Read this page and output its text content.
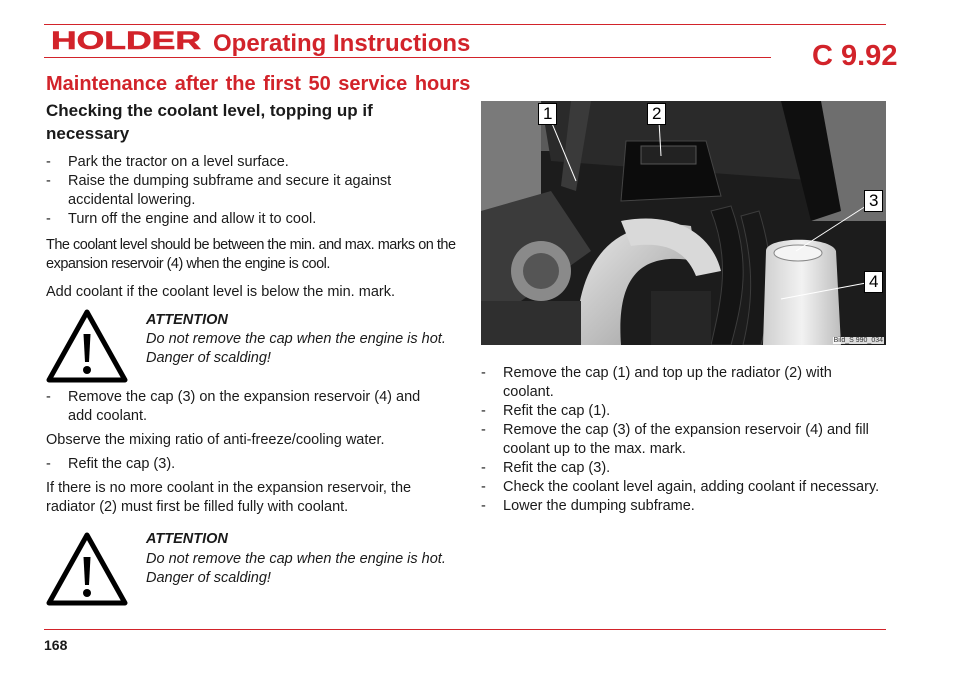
HOLDER Operating Instructions	C 9.92
Maintenance after the first 50 service hours
Checking the coolant level, topping up if necessary
- Park the tractor on a level surface.
- Raise the dumping subframe and secure it against accidental lowering.
- Turn off the engine and allow it to cool.
The coolant level should be between the min. and max. marks on the expansion reservoir (4) when the engine is cool.
Add coolant if the coolant level is below the min. mark.
ATTENTION
Do not remove the cap when the engine is hot. Danger of scalding!
- Remove the cap (3) on the expansion reservoir (4) and add coolant.
Observe the mixing ratio of anti-freeze/cooling water.
- Refit the cap (3).
If there is no more coolant in the expansion reservoir, the radiator (2) must first be filled fully with coolant.
ATTENTION
Do not remove the cap when the engine is hot. Danger of scalding!
1	2
3
4
Bild_S 990_034
- Remove the cap (1) and top up the radiator (2) with coolant.
- Refit the cap (1).
- Remove the cap (3) of the expansion reservoir (4) and fill coolant up to the max. mark.
- Refit the cap (3).
- Check the coolant level again, adding coolant if necessary.
- Lower the dumping subframe.
168
